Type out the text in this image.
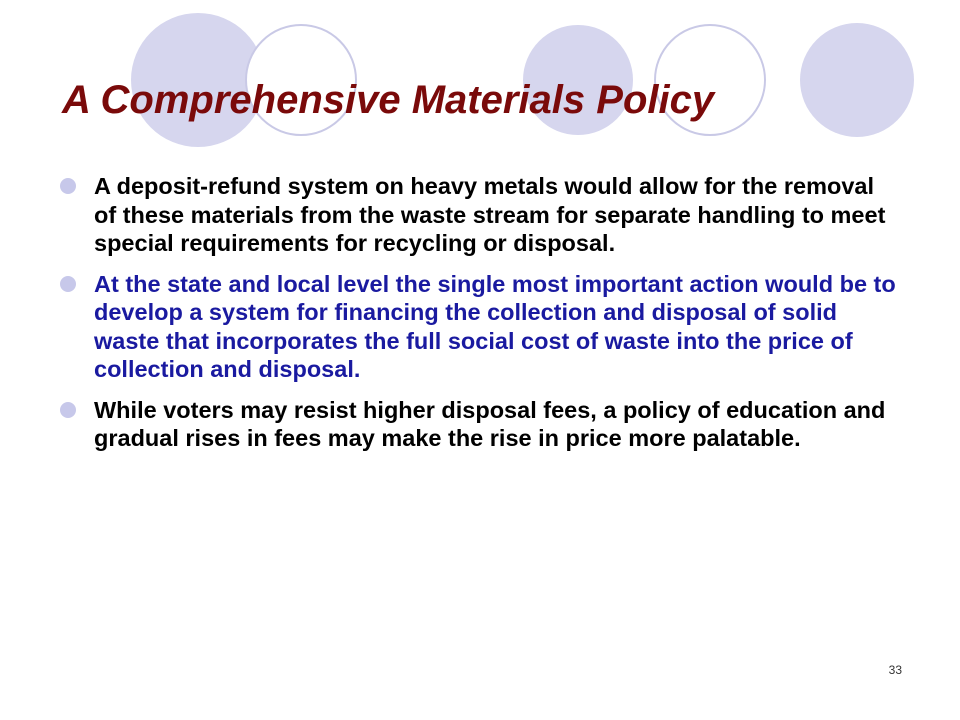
A Comprehensive Materials Policy
A deposit-refund system on heavy metals would allow for the removal of these materials from the waste stream for separate handling to meet special requirements for recycling or disposal.
At the state and local level the single most important action would be to develop a system for financing the collection and disposal of solid waste that incorporates the full social cost of waste into the price of collection and disposal.
While voters may resist higher disposal fees, a policy of education and gradual rises in fees may make the rise in price more palatable.
33
